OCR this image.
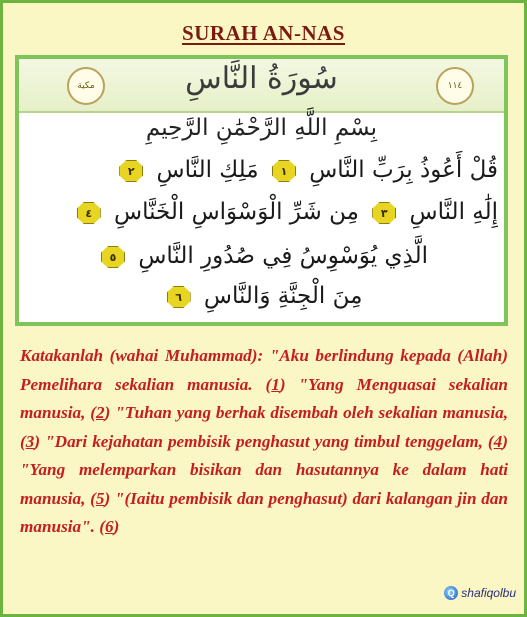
SURAH AN-NAS
مكية	سُورَةُ النَّاسِ	١١٤
بِسْمِ اللَّهِ الرَّحْمَٰنِ الرَّحِيمِ
قُلْ أَعُوذُ بِرَبِّ النَّاسِ
١
مَلِكِ النَّاسِ
٢
إِلَٰهِ النَّاسِ
٣
مِن شَرِّ الْوَسْوَاسِ الْخَنَّاسِ
٤
الَّذِي يُوَسْوِسُ فِي صُدُورِ النَّاسِ
٥
مِنَ الْجِنَّةِ وَالنَّاسِ
٦
Katakanlah (wahai Muhammad): "Aku berlindung kepada (Allah) Pemelihara sekalian manusia. (1) "Yang Menguasai sekalian manusia, (2) "Tuhan yang berhak disembah oleh sekalian manusia, (3) "Dari kejahatan pembisik penghasut yang timbul tenggelam, (4) "Yang melemparkan bisikan dan hasutannya ke dalam hati manusia, (5) "(Iaitu pembisik dan penghasut) dari kalangan jin dan manusia". (6)
Q shafiqolbu
